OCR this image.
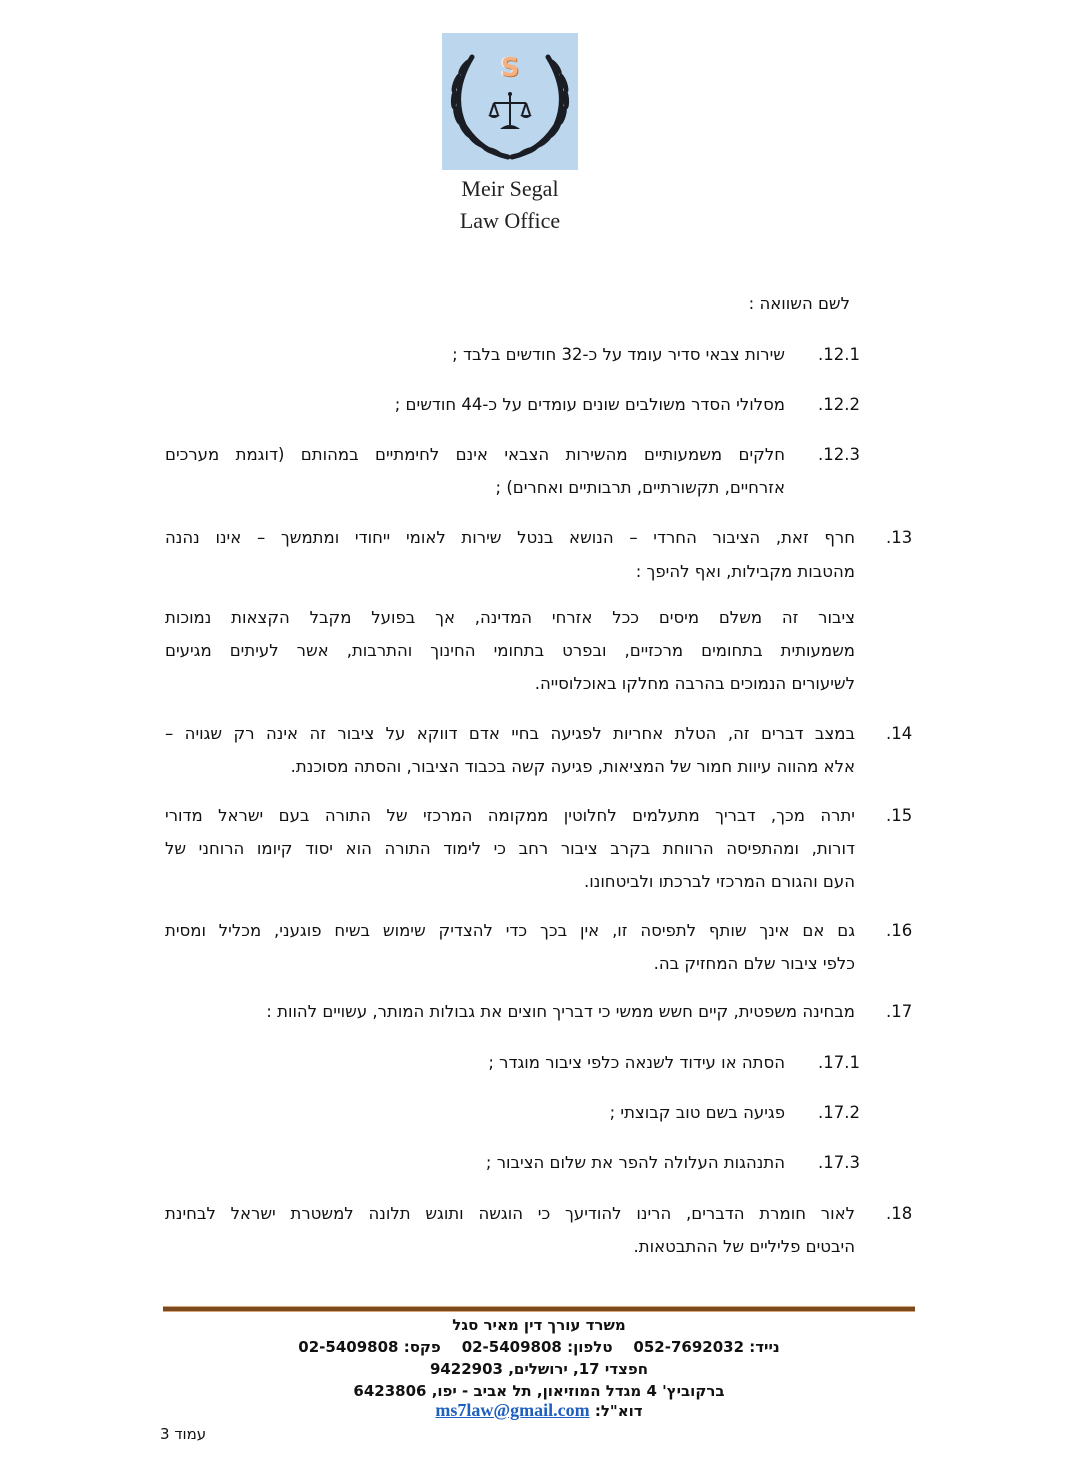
S
Meir Segal
Law Office
לשם השוואה :
.12.1
שירות צבאי סדיר עומד על כ-32 חודשים בלבד ;
.12.2
מסלולי הסדר משולבים שונים עומדים על כ-44 חודשים ;
.12.3
חלקים משמעותיים מהשירות הצבאי אינם לחימתיים במהותם (דוגמת מערכים
אזרחיים, תקשורתיים, תרבותיים ואחרים) ;
.13
חרף זאת, הציבור החרדי – הנושא בנטל שירות לאומי ייחודי ומתמשך – אינו נהנה
מהטבות מקבילות, ואף להיפך :
ציבור זה משלם מיסים ככל אזרחי המדינה, אך בפועל מקבל הקצאות נמוכות
משמעותית בתחומים מרכזיים, ובפרט בתחומי החינוך והתרבות, אשר לעיתים מגיעים
לשיעורים הנמוכים בהרבה מחלקו באוכלוסייה.
.14
במצב דברים זה, הטלת אחריות לפגיעה בחיי אדם דווקא על ציבור זה אינה רק שגויה –
אלא מהווה עיוות חמור של המציאות, פגיעה קשה בכבוד הציבור, והסתה מסוכנת.
.15
יתרה מכך, דבריך מתעלמים לחלוטין ממקומה המרכזי של התורה בעם ישראל מדורי
דורות, ומהתפיסה הרווחת בקרב ציבור רחב כי לימוד התורה הוא יסוד קיומו הרוחני של
העם והגורם המרכזי לברכתו ולביטחונו.
.16
גם אם אינך שותף לתפיסה זו, אין בכך כדי להצדיק שימוש בשיח פוגעני, מכליל ומסית
כלפי ציבור שלם המחזיק בה.
.17
מבחינה משפטית, קיים חשש ממשי כי דבריך חוצים את גבולות המותר, עשויים להוות :
.17.1
הסתה או עידוד לשנאה כלפי ציבור מוגדר ;
.17.2
פגיעה בשם טוב קבוצתי ;
.17.3
התנהגות העלולה להפר את שלום הציבור ;
.18
לאור חומרת הדברים, הרינו להודיעך כי הוגשה ותוגש תלונה למשטרת ישראל לבחינת
היבטים פליליים של ההתבטאות.
משרד עורך דין מאיר סגל
נייד: 052-7692032    טלפון: 02-5409808    פקס: 02-5409808
חפצדי 17, ירושלים, 9422903
ברקוביץ' 4 מגדל המוזיאון, תל אביב - יפו, 6423806
דוא"ל: ms7law@gmail.com
עמוד 3
